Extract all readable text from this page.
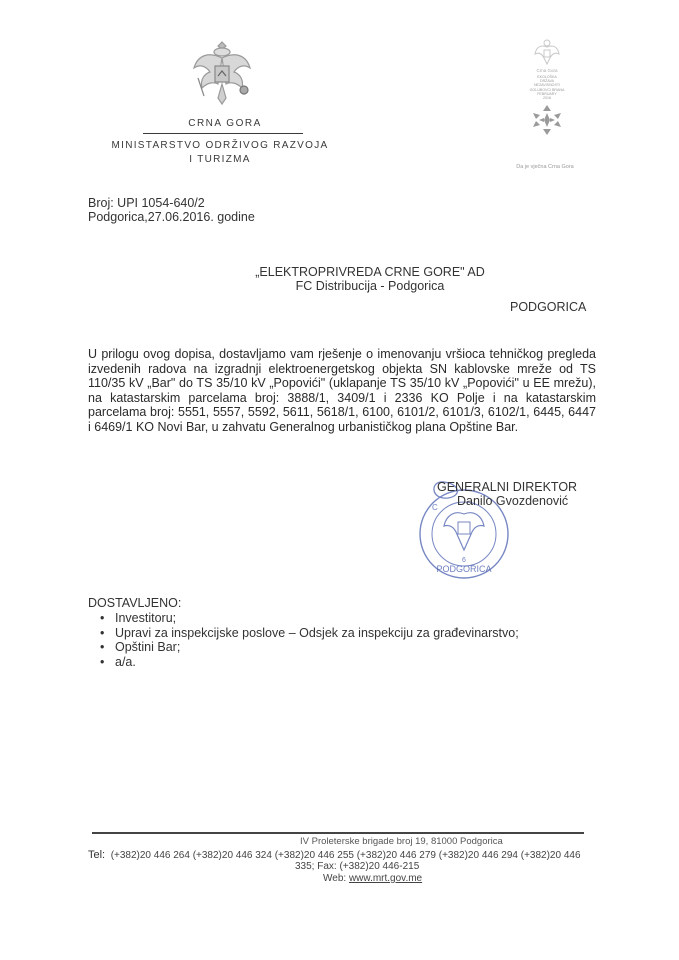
CRNA GORA
MINISTARSTVO ODRŽIVOG RAZVOJA
I TURIZMA
Crna Gora
EKOLOŠKA
DRŽAVA
NEZAVISNOSTI
GOLUBOVCI BRANA
FEBRUARY
2016
Da je vječna Crna Gora
Broj: UPI 1054-640/2
Podgorica,27.06.2016. godine
„ELEKTROPRIVREDA CRNE GORE" AD
FC Distribucija - Podgorica
PODGORICA
U prilogu ovog dopisa, dostavljamo vam rješenje o imenovanju vršioca tehničkog pregleda izvedenih radova na izgradnji elektroenergetskog objekta SN kablovske mreže od TS 110/35 kV „Bar" do TS 35/10 kV „Popovići" (uklapanje TS 35/10 kV „Popovići" u EE mrežu), na katastarskim parcelama broj: 3888/1, 3409/1 i 2336 KO Polje i na katastarskim parcelama broj: 5551, 5557, 5592, 5611, 5618/1, 6100, 6101/2, 6101/3, 6102/1, 6445, 6447 i 6469/1 KO Novi Bar, u zahvatu Generalnog urbanističkog plana Opštine Bar.
PODGORICA
6
C
GENERALNI DIREKTOR
Danilo Gvozdenović
DOSTAVLJENO:
• Investitoru;
• Upravi za inspekcijske poslove – Odsjek za inspekciju za građevinarstvo;
• Opštini Bar;
• a/a.
IV Proleterske brigade broj 19, 81000 Podgorica
Tel: (+382)20 446 264 (+382)20 446 324 (+382)20 446 255 (+382)20 446 279 (+382)20 446 294 (+382)20 446
335; Fax: (+382)20 446-215
Web: www.mrt.gov.me
